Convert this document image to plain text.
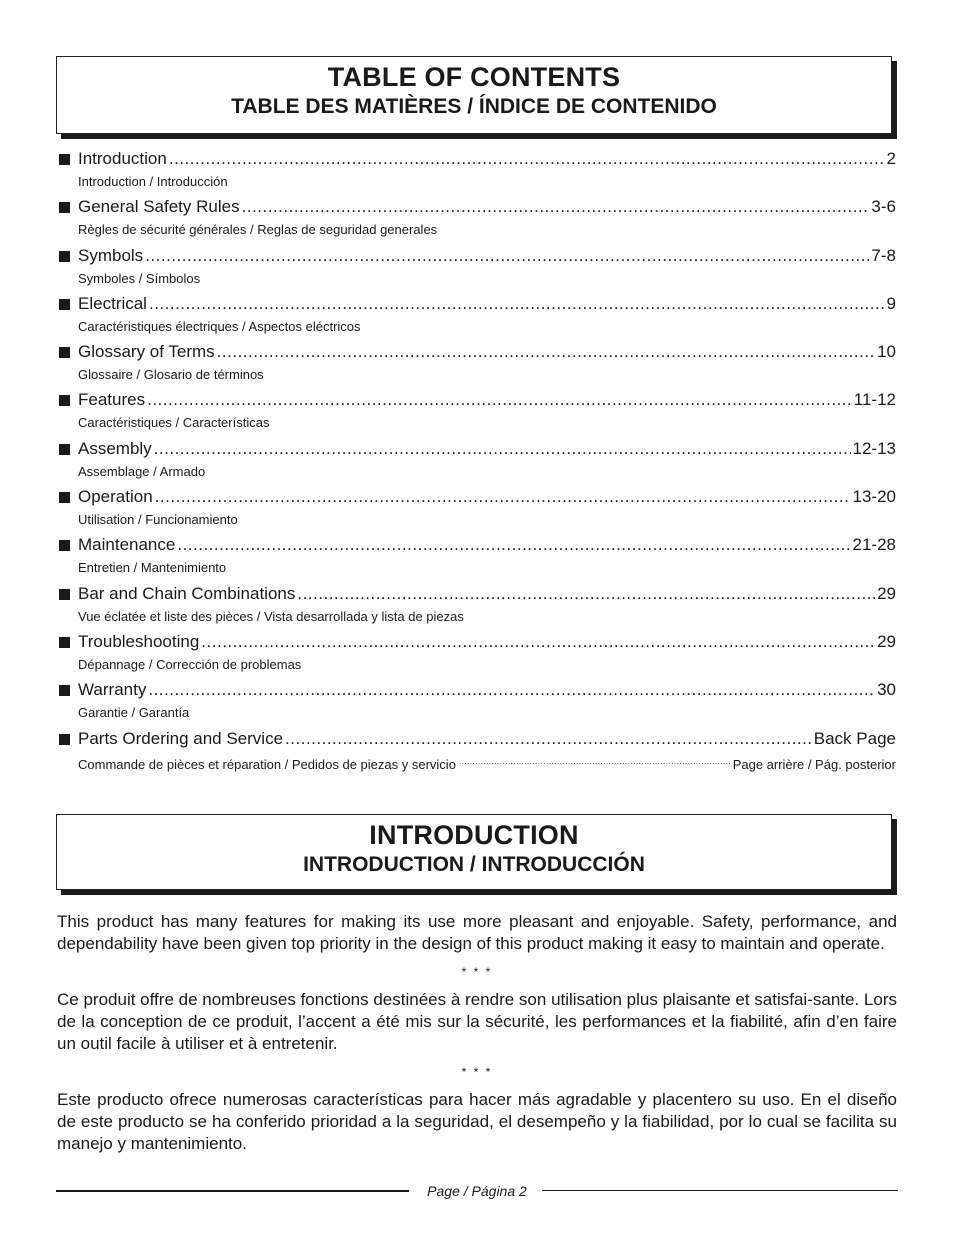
TABLE OF CONTENTS
TABLE DES MATIÈRES / ÍNDICE DE CONTENIDO
Introduction .....	2
Introduction / Introducción
General Safety Rules .....	3-6
Règles de sécurité générales / Reglas de seguridad generales
Symbols .....	7-8
Symboles / Símbolos
Electrical .....	9
Caractéristiques électriques / Aspectos eléctricos
Glossary of Terms .....	10
Glossaire / Glosario de términos
Features .....	11-12
Caractéristiques / Características
Assembly .....	12-13
Assemblage / Armado
Operation .....	13-20
Utilisation / Funcionamiento
Maintenance .....	21-28
Entretien / Mantenimiento
Bar and Chain Combinations .....	29
Vue éclatée et liste des pièces / Vista desarrollada y lista de piezas
Troubleshooting .....	29
Dépannage / Corrección de problemas
Warranty .....	30
Garantie / Garantía
Parts Ordering and Service .....	Back Page
Commande de pièces et réparation / Pedidos de piezas y servicio .....	Page arrière / Pág. posterior
INTRODUCTION
INTRODUCTION / INTRODUCCIÓN

This product has many features for making its use more pleasant and enjoyable. Safety, performance, and dependability have been given top priority in the design of this product making it easy to maintain and operate.

* * *

Ce produit offre de nombreuses fonctions destinées à rendre son utilisation plus plaisante et satisfai-sante. Lors de la conception de ce produit, l’accent a été mis sur la sécurité, les performances et la fiabilité, afin d’en faire un outil facile à utiliser et à entretenir.

* * *

Este producto ofrece numerosas características para hacer más agradable y placentero su uso. En el diseño de este producto se ha conferido prioridad a la seguridad, el desempeño y la fiabilidad, por lo cual se facilita su manejo y mantenimiento.

Page / Página 2
